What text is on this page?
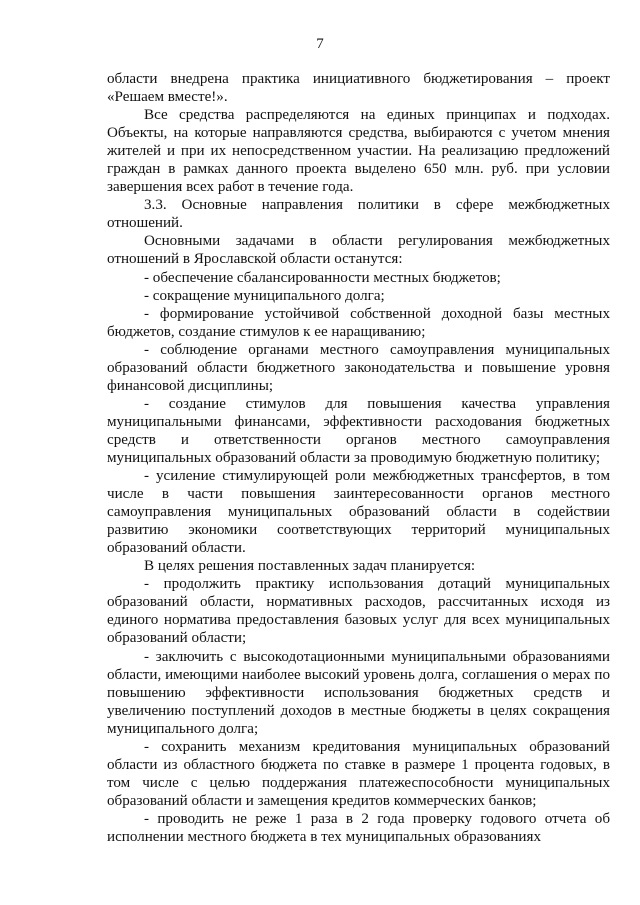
7

области внедрена практика инициативного бюджетирования – проект «Решаем вместе!».

Все средства распределяются на единых принципах и подходах. Объекты, на которые направляются средства, выбираются с учетом мнения жителей и при их непосредственном участии. На реализацию предложений граждан в рамках данного проекта выделено 650 млн. руб. при условии завершения всех работ в течение года.

3.3. Основные направления политики в сфере межбюджетных отношений.

Основными задачами в области регулирования межбюджетных отношений в Ярославской области останутся:

- обеспечение сбалансированности местных бюджетов;

- сокращение муниципального долга;

- формирование устойчивой собственной доходной базы местных бюджетов, создание стимулов к ее наращиванию;

- соблюдение органами местного самоуправления муниципальных образований области бюджетного законодательства и повышение уровня финансовой дисциплины;

- создание стимулов для повышения качества управления муниципальными финансами, эффективности расходования бюджетных средств и ответственности органов местного самоуправления муниципальных образований области за проводимую бюджетную политику;

- усиление стимулирующей роли межбюджетных трансфертов, в том числе в части повышения заинтересованности органов местного самоуправления муниципальных образований области в содействии развитию экономики соответствующих территорий муниципальных образований области.

В целях решения поставленных задач планируется:

- продолжить практику использования дотаций муниципальных образований области, нормативных расходов, рассчитанных исходя из единого норматива предоставления базовых услуг для всех муниципальных образований области;

- заключить с высокодотационными муниципальными образованиями области, имеющими наиболее высокий уровень долга, соглашения о мерах по повышению эффективности использования бюджетных средств и увеличению поступлений доходов в местные бюджеты в целях сокращения муниципального долга;

- сохранить механизм кредитования муниципальных образований области из областного бюджета по ставке в размере 1 процента годовых, в том числе с целью поддержания платежеспособности муниципальных образований области и замещения кредитов коммерческих банков;

- проводить не реже 1 раза в 2 года проверку годового отчета об исполнении местного бюджета в тех муниципальных образованиях
